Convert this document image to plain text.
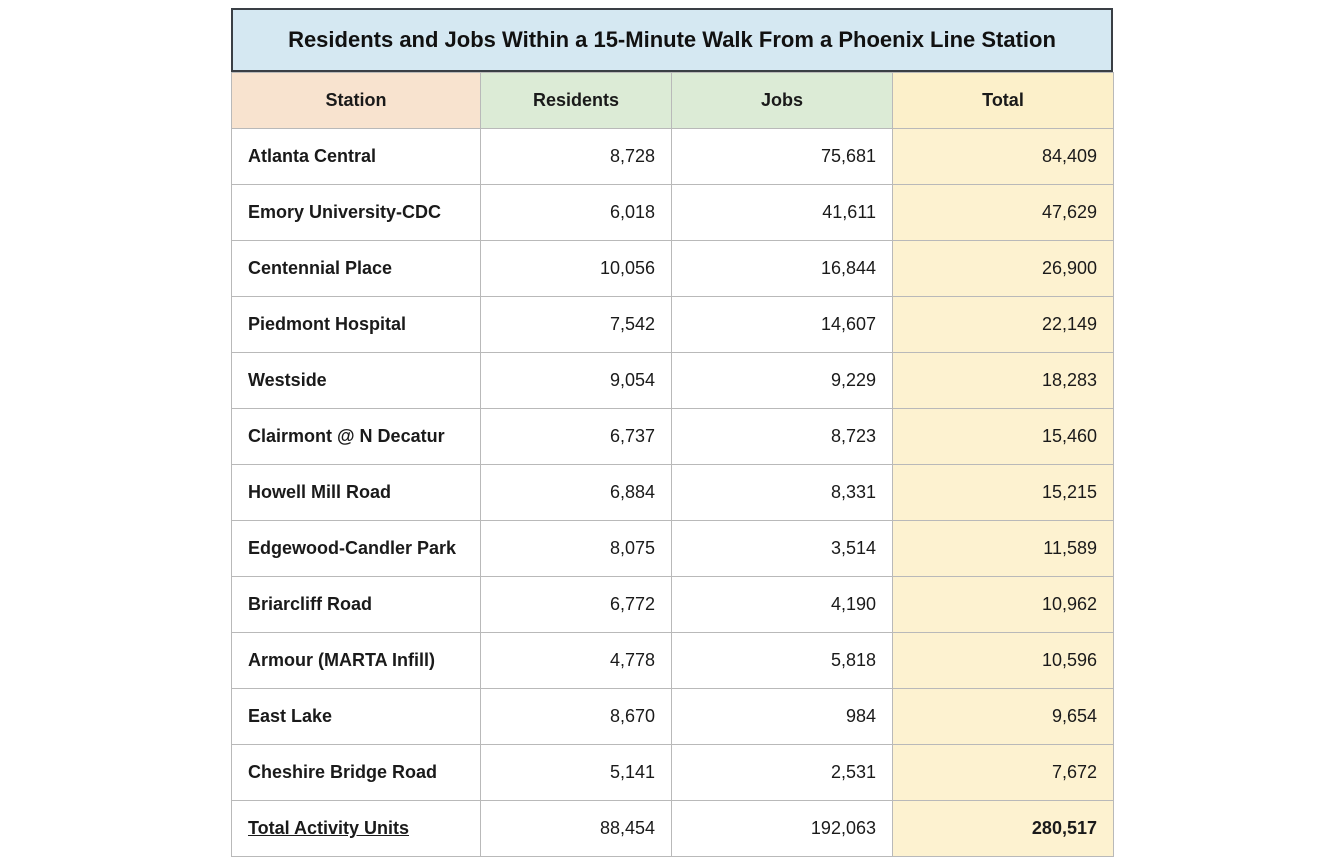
Residents and Jobs Within a 15-Minute Walk From a Phoenix Line Station
Station	Residents	Jobs	Total
Atlanta Central	8,728	75,681	84,409
Emory University-CDC	6,018	41,611	47,629
Centennial Place	10,056	16,844	26,900
Piedmont Hospital	7,542	14,607	22,149
Westside	9,054	9,229	18,283
Clairmont @ N Decatur	6,737	8,723	15,460
Howell Mill Road	6,884	8,331	15,215
Edgewood-Candler Park	8,075	3,514	11,589
Briarcliff Road	6,772	4,190	10,962
Armour (MARTA Infill)	4,778	5,818	10,596
East Lake	8,670	984	9,654
Cheshire Bridge Road	5,141	2,531	7,672
Total Activity Units	88,454	192,063	280,517
